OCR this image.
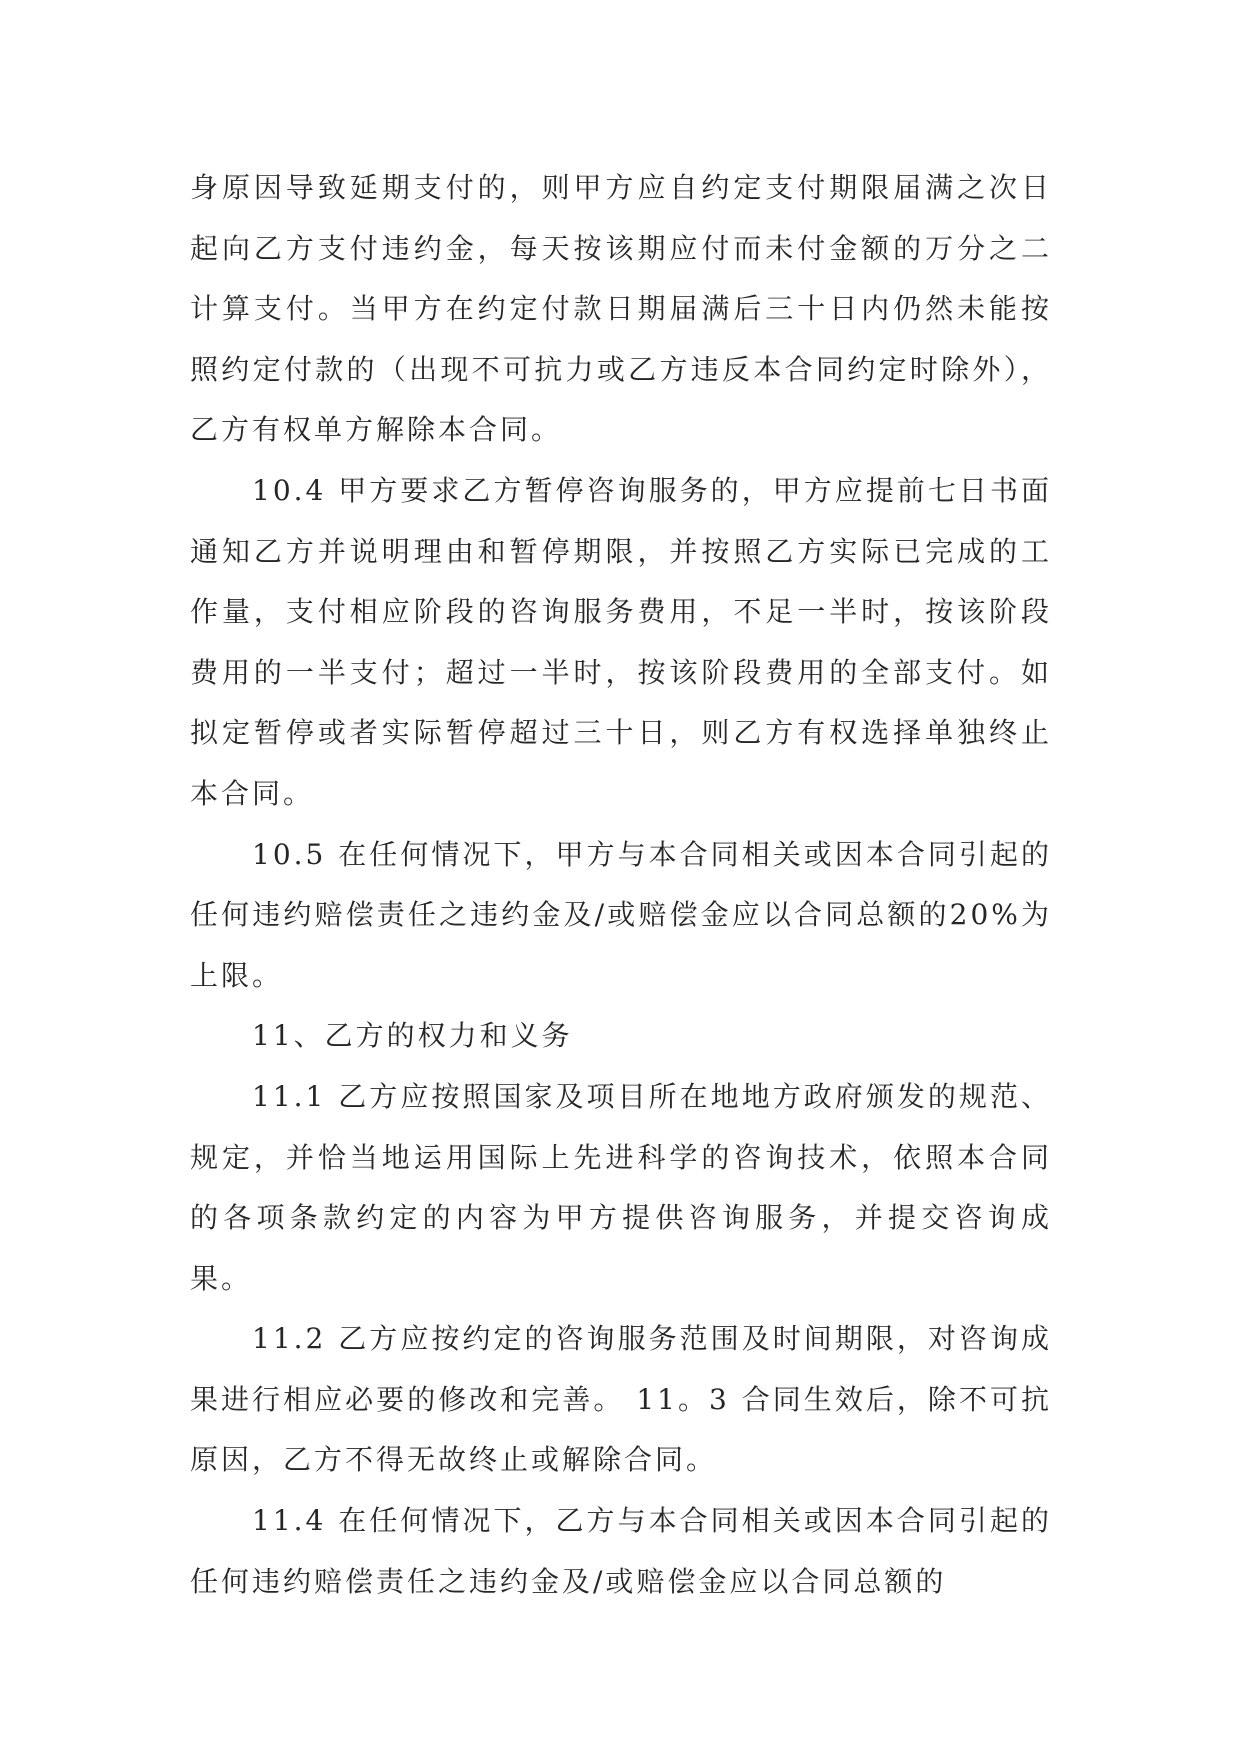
身原因导致延期支付的，则甲方应自约定支付期限届满之次日起向乙方支付违约金，每天按该期应付而未付金额的万分之二计算支付。当甲方在约定付款日期届满后三十日内仍然未能按照约定付款的（出现不可抗力或乙方违反本合同约定时除外），乙方有权单方解除本合同。

10.4 甲方要求乙方暂停咨询服务的，甲方应提前七日书面通知乙方并说明理由和暂停期限，并按照乙方实际已完成的工作量，支付相应阶段的咨询服务费用，不足一半时，按该阶段费用的一半支付；超过一半时，按该阶段费用的全部支付。如拟定暂停或者实际暂停超过三十日，则乙方有权选择单独终止本合同。

10.5 在任何情况下，甲方与本合同相关或因本合同引起的任何违约赔偿责任之违约金及/或赔偿金应以合同总额的20%为上限。

11、乙方的权力和义务

11.1 乙方应按照国家及项目所在地地方政府颁发的规范、规定，并恰当地运用国际上先进科学的咨询技术，依照本合同的各项条款约定的内容为甲方提供咨询服务，并提交咨询成果。

11.2 乙方应按约定的咨询服务范围及时间期限，对咨询成果进行相应必要的修改和完善。 11。3 合同生效后，除不可抗原因，乙方不得无故终止或解除合同。

11.4 在任何情况下，乙方与本合同相关或因本合同引起的任何违约赔偿责任之违约金及/或赔偿金应以合同总额的
